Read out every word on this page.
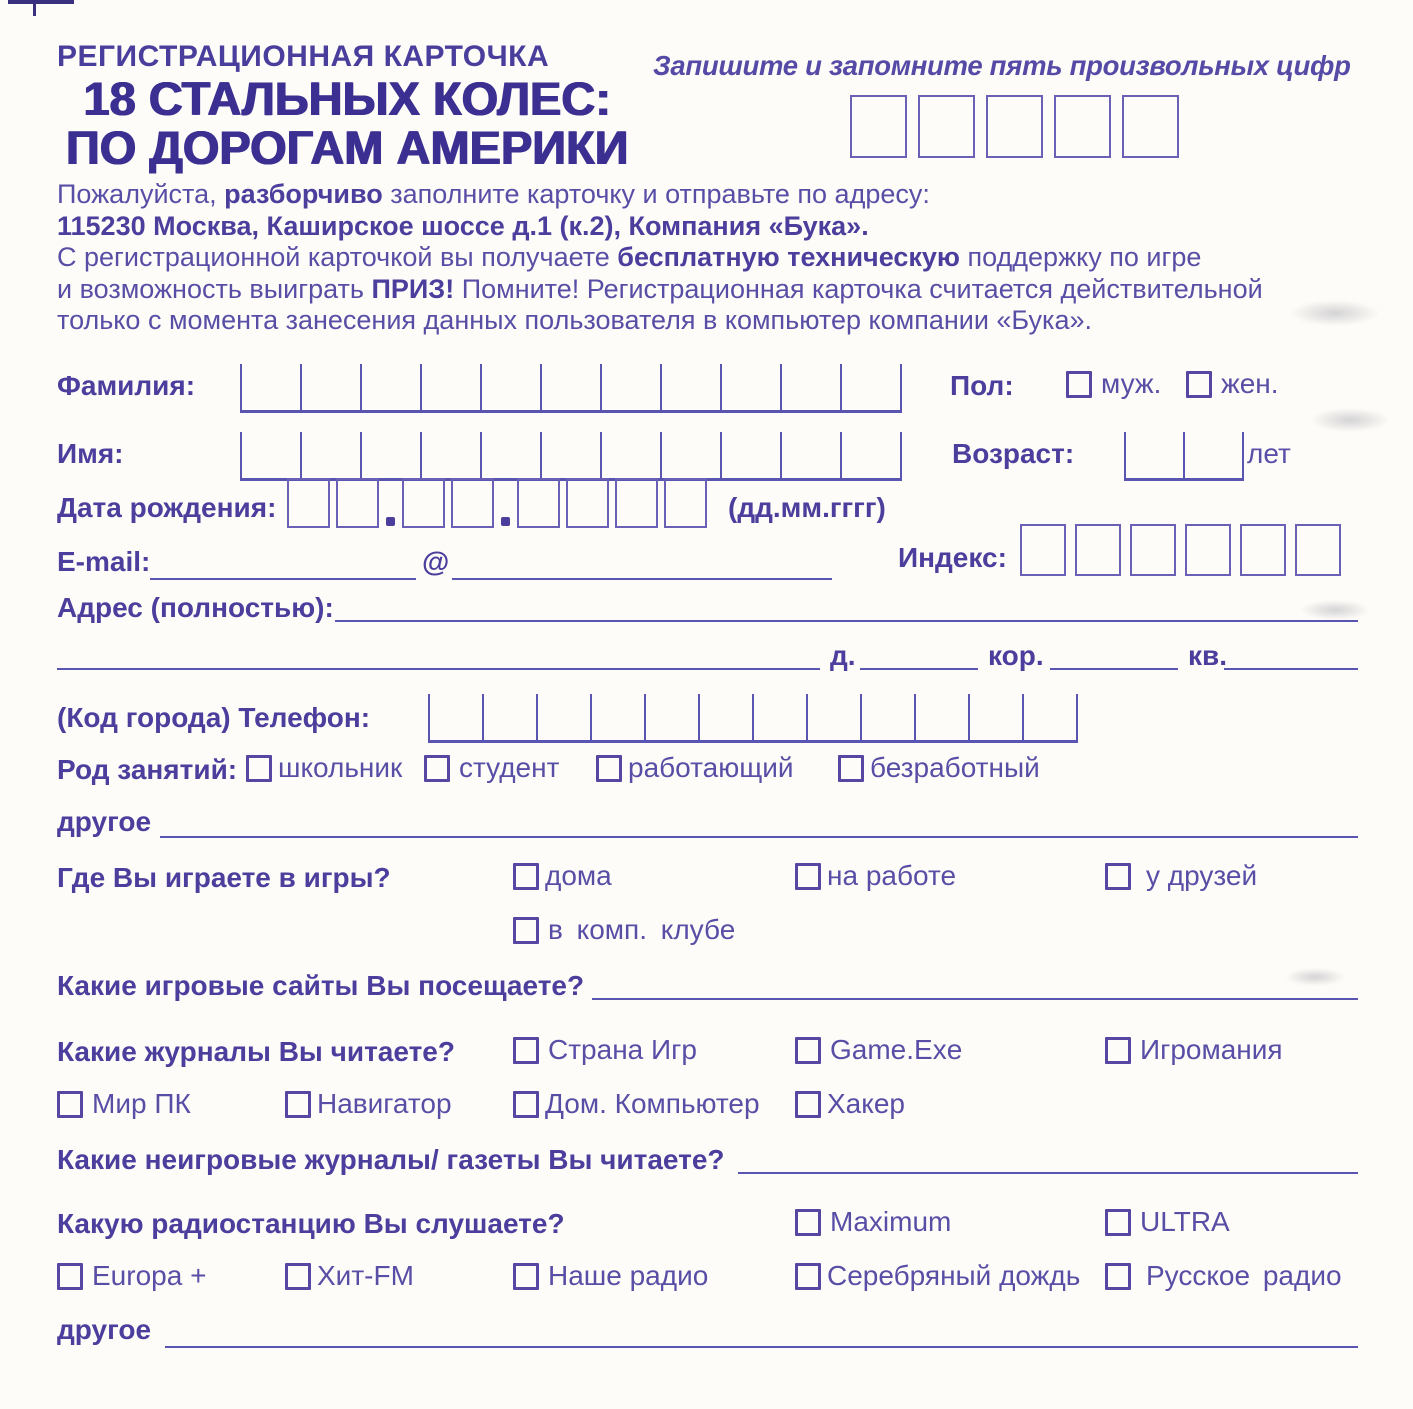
РЕГИСТРАЦИОННАЯ КАРТОЧКА
18 СТАЛЬНЫХ КОЛЕС:
ПО ДОРОГАМ АМЕРИКИ
Запишите и запомните пять произвольных цифр
Пожалуйста, разборчиво заполните карточку и отправьте по адресу:
115230 Москва, Каширское шоссе д.1 (к.2), Компания «Бука».
С регистрационной карточкой вы получаете бесплатную техническую поддержку по игре
и возможность выиграть ПРИЗ! Помните! Регистрационная карточка считается действительной
только с момента занесения данных пользователя в компьютер компании «Бука».
Фамилия:	Пол:	муж. жен.
Имя:	Возраст:	лет
Дата рождения:	(дд.мм.гггг)
E-mail:	@	Индекс:
Адрес (полностью):
д.	кор.	кв.
(Код города) Телефон:
Род занятий: школьник студент работающий	безработный
другое
Где Вы играете в игры?	дома	на работе	у друзей
в комп. клубе
Какие игровые сайты Вы посещаете?
Какие журналы Вы читаете?	Страна Игр	Game.Exe	Игромания
Мир ПК	Навигатор	Дом. Компьютер Хакер
Какие неигровые журналы/ газеты Вы читаете?
Какую радиостанцию Вы слушаете?	Maximum	ULTRA
Europa +	Хит-FM	Наше радио	Серебряный дождь Русское радио
другое
